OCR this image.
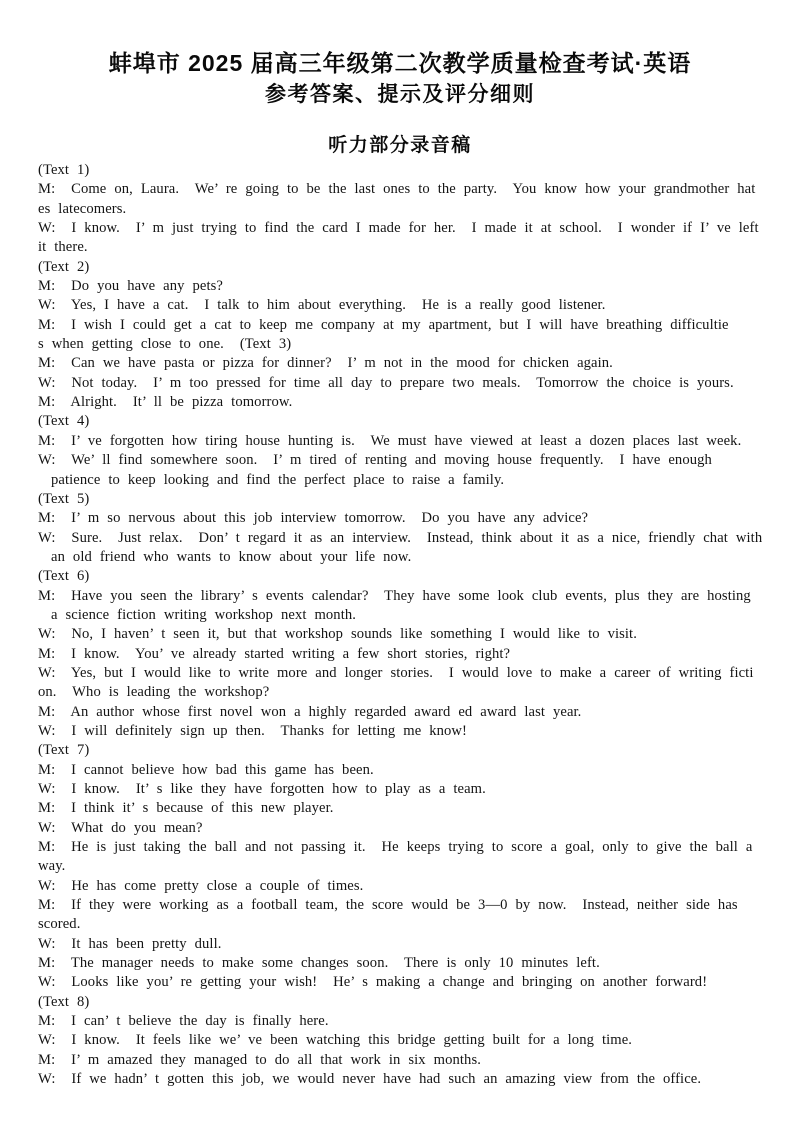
蚌埠市 2025 届高三年级第二次教学质量检查考试·英语
参考答案、提示及评分细则
听力部分录音稿
(Text 1)
M:  Come on, Laura.  We’ re going to be the last ones to the party.  You know how your grandmother hat
es latecomers.
W:  I know.  I’ m just trying to find the card I made for her.  I made it at school.  I wonder if I’ ve left
it there.
(Text 2)
M:  Do you have any pets?
W:  Yes, I have a cat.  I talk to him about everything.  He is a really good listener.
M:  I wish I could get a cat to keep me company at my apartment, but I will have breathing difficultie
s when getting close to one.  (Text 3)
M:  Can we have pasta or pizza for dinner?  I’ m not in the mood for chicken again.
W:  Not today.  I’ m too pressed for time all day to prepare two meals.  Tomorrow the choice is yours.
M:  Alright.  It’ ll be pizza tomorrow.
(Text 4)
M:  I’ ve forgotten how tiring house hunting is.  We must have viewed at least a dozen places last week.
W:  We’ ll find somewhere soon.  I’ m tired of renting and moving house frequently.  I have enough
patience to keep looking and find the perfect place to raise a family.
(Text 5)
M:  I’ m so nervous about this job interview tomorrow.  Do you have any advice?
W:  Sure.  Just relax.  Don’ t regard it as an interview.  Instead, think about it as a nice, friendly chat with
an old friend who wants to know about your life now.
(Text 6)
M:  Have you seen the library’ s events calendar?  They have some look club events, plus they are hosting
a science fiction writing workshop next month.
W:  No, I haven’ t seen it, but that workshop sounds like something I would like to visit.
M:  I know.  You’ ve already started writing a few short stories, right?
W:  Yes, but I would like to write more and longer stories.  I would love to make a career of writing ficti
on.  Who is leading the workshop?
M:  An author whose first novel won a highly regarded award ed award last year.
W:  I will definitely sign up then.  Thanks for letting me know!
(Text 7)
M:  I cannot believe how bad this game has been.
W:  I know.  It’ s like they have forgotten how to play as a team.
M:  I think it’ s because of this new player.
W:  What do you mean?
M:  He is just taking the ball and not passing it.  He keeps trying to score a goal, only to give the ball a
way.
W:  He has come pretty close a couple of times.
M:  If they were working as a football team, the score would be 3—0 by now.  Instead, neither side has
scored.
W:  It has been pretty dull.
M:  The manager needs to make some changes soon.  There is only 10 minutes left.
W:  Looks like you’ re getting your wish!  He’ s making a change and bringing on another forward!
(Text 8)
M:  I can’ t believe the day is finally here.
W:  I know.  It feels like we’ ve been watching this bridge getting built for a long time.
M:  I’ m amazed they managed to do all that work in six months.
W:  If we hadn’ t gotten this job, we would never have had such an amazing view from the office.
